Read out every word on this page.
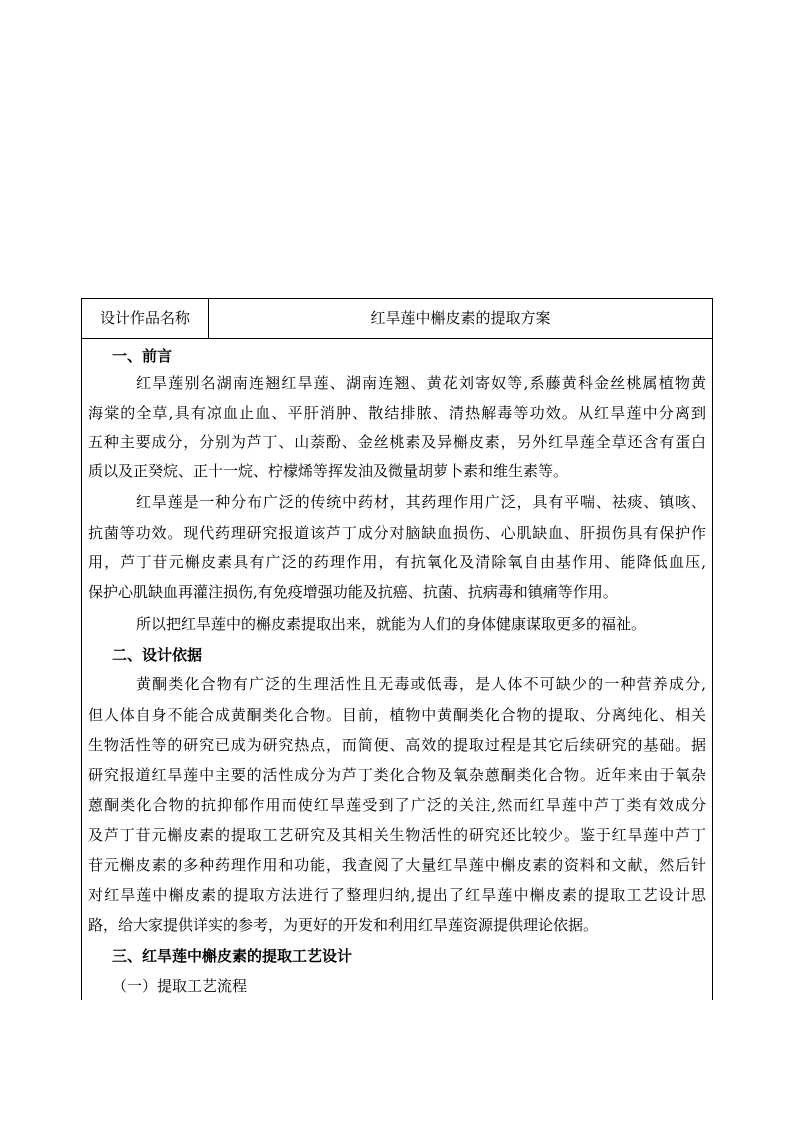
设计作品名称	红旱莲中槲皮素的提取方案
一、前言
红旱莲别名湖南连翘红旱莲、湖南连翘、黄花刘寄奴等,系藤黄科金丝桃属植物黄
海棠的全草,具有凉血止血、平肝消肿、散结排脓、清热解毒等功效。从红旱莲中分离到
五种主要成分，分别为芦丁、山萘酚、金丝桃素及异槲皮素，另外红旱莲全草还含有蛋白
质以及正癸烷、正十一烷、柠檬烯等挥发油及微量胡萝卜素和维生素等。
红旱莲是一种分布广泛的传统中药材，其药理作用广泛，具有平喘、祛痰、镇咳、
抗菌等功效。现代药理研究报道该芦丁成分对脑缺血损伤、心肌缺血、肝损伤具有保护作
用，芦丁苷元槲皮素具有广泛的药理作用，有抗氧化及清除氧自由基作用、能降低血压,
保护心肌缺血再灌注损伤,有免疫增强功能及抗癌、抗菌、抗病毒和镇痛等作用。
所以把红旱莲中的槲皮素提取出来，就能为人们的身体健康谋取更多的福祉。
二、设计依据
黄酮类化合物有广泛的生理活性且无毒或低毒，是人体不可缺少的一种营养成分,
但人体自身不能合成黄酮类化合物。目前，植物中黄酮类化合物的提取、分离纯化、相关
生物活性等的研究已成为研究热点，而简便、高效的提取过程是其它后续研究的基础。据
研究报道红旱莲中主要的活性成分为芦丁类化合物及氧杂蒽酮类化合物。近年来由于氧杂
蒽酮类化合物的抗抑郁作用而使红旱莲受到了广泛的关注,然而红旱莲中芦丁类有效成分
及芦丁苷元槲皮素的提取工艺研究及其相关生物活性的研究还比较少。鉴于红旱莲中芦丁
苷元槲皮素的多种药理作用和功能，我查阅了大量红旱莲中槲皮素的资料和文献，然后针
对红旱莲中槲皮素的提取方法进行了整理归纳,提出了红旱莲中槲皮素的提取工艺设计思
路，给大家提供详实的参考，为更好的开发和利用红旱莲资源提供理论依据。
三、红旱莲中槲皮素的提取工艺设计
（一）提取工艺流程
